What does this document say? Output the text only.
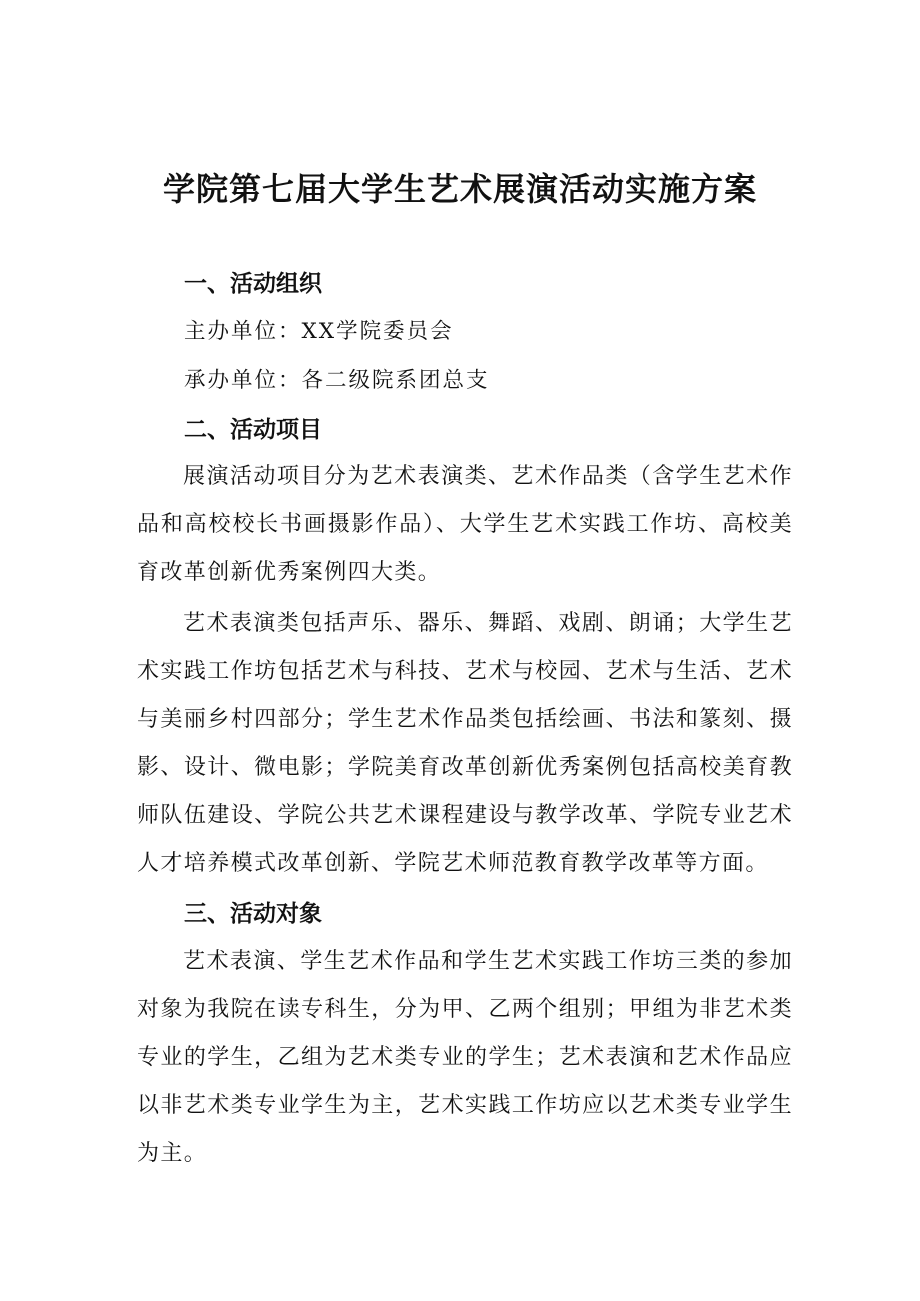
学院第七届大学生艺术展演活动实施方案
一、活动组织

主办单位：XX学院委员会

承办单位：各二级院系团总支

二、活动项目

展演活动项目分为艺术表演类、艺术作品类（含学生艺术作品和高校校长书画摄影作品）、大学生艺术实践工作坊、高校美育改革创新优秀案例四大类。

艺术表演类包括声乐、器乐、舞蹈、戏剧、朗诵；大学生艺术实践工作坊包括艺术与科技、艺术与校园、艺术与生活、艺术与美丽乡村四部分；学生艺术作品类包括绘画、书法和篆刻、摄影、设计、微电影；学院美育改革创新优秀案例包括高校美育教师队伍建设、学院公共艺术课程建设与教学改革、学院专业艺术人才培养模式改革创新、学院艺术师范教育教学改革等方面。

三、活动对象

艺术表演、学生艺术作品和学生艺术实践工作坊三类的参加对象为我院在读专科生，分为甲、乙两个组别；甲组为非艺术类专业的学生，乙组为艺术类专业的学生；艺术表演和艺术作品应以非艺术类专业学生为主，艺术实践工作坊应以艺术类专业学生为主。
